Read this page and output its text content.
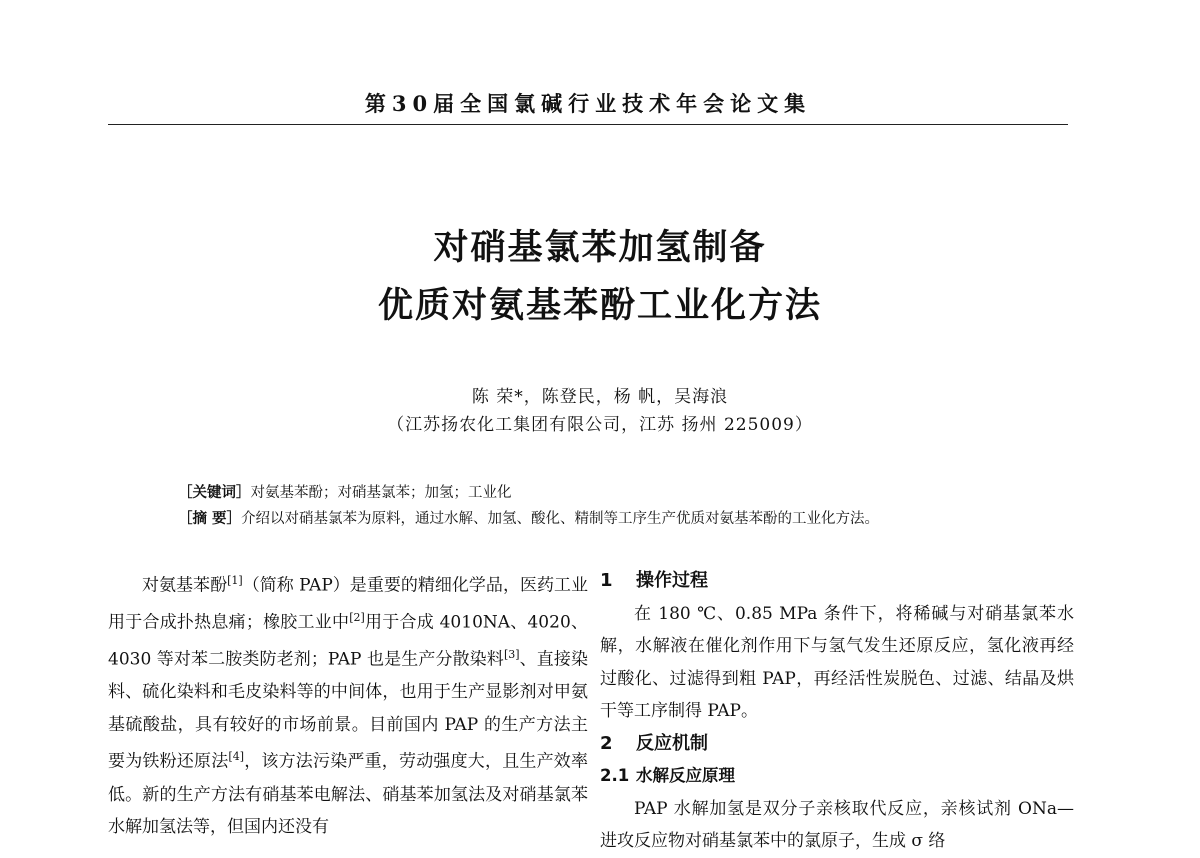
第30届全国氯碱行业技术年会论文集
对硝基氯苯加氢制备
优质对氨基苯酚工业化方法
陈 荣*，陈登民，杨 帆，吴海浪
（江苏扬农化工集团有限公司，江苏 扬州 225009）
［关键词］对氨基苯酚；对硝基氯苯；加氢；工业化
［摘 要］介绍以对硝基氯苯为原料，通过水解、加氢、酸化、精制等工序生产优质对氨基苯酚的工业化方法。
对氨基苯酚[1]（简称 PAP）是重要的精细化学品，医药工业用于合成扑热息痛；橡胶工业中[2]用于合成 4010NA、4020、4030 等对苯二胺类防老剂；PAP 也是生产分散染料[3]、直接染料、硫化染料和毛皮染料等的中间体，也用于生产显影剂对甲氨基硫酸盐，具有较好的市场前景。目前国内 PAP 的生产方法主要为铁粉还原法[4]，该方法污染严重，劳动强度大，且生产效率低。新的生产方法有硝基苯电解法、硝基苯加氢法及对硝基氯苯水解加氢法等，但国内还没有
1 操作过程
在 180 ℃、0.85 MPa 条件下，将稀碱与对硝基氯苯水解，水解液在催化剂作用下与氢气发生还原反应，氢化液再经过酸化、过滤得到粗 PAP，再经活性炭脱色、过滤、结晶及烘干等工序制得 PAP。
2 反应机制
2.1 水解反应原理
PAP 水解加氢是双分子亲核取代反应，亲核试剂 ONa—进攻反应物对硝基氯苯中的氯原子，生成 σ 络
